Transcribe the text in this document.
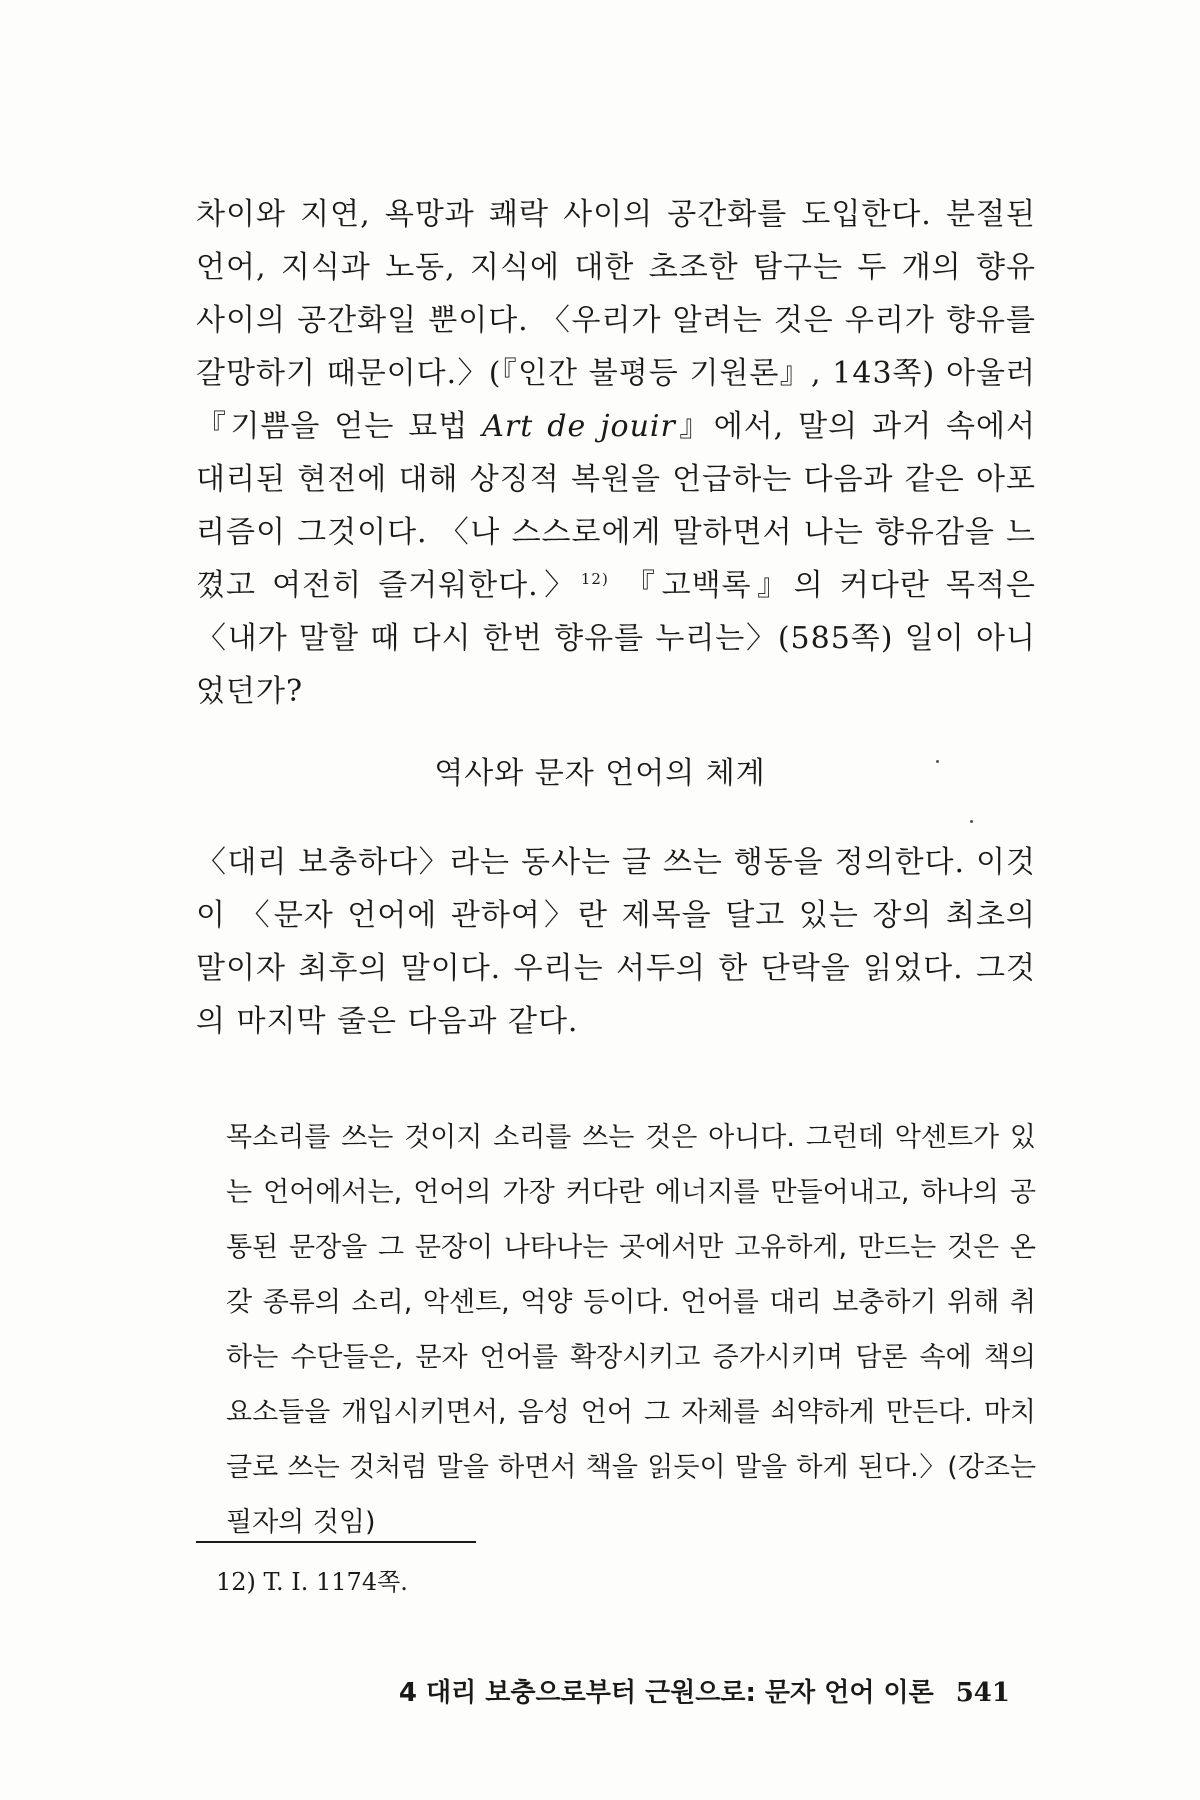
차이와 지연, 욕망과 쾌락 사이의 공간화를 도입한다. 분절된 언어, 지식과 노동, 지식에 대한 초조한 탐구는 두 개의 향유 사이의 공간화일 뿐이다. 〈우리가 알려는 것은 우리가 향유를 갈망하기 때문이다.〉(『인간 불평등 기원론』, 143쪽) 아울러 『기쁨을 얻는 묘법 Art de jouir』에서, 말의 과거 속에서 대리된 현전에 대해 상징적 복원을 언급하는 다음과 같은 아포리즘이 그것이다. 〈나 스스로에게 말하면서 나는 향유감을 느꼈고 여전히 즐거워한다.〉$^{12)}$ 『고백록』의 커다란 목적은 〈내가 말할 때 다시 한번 향유를 누리는〉(585쪽) 일이 아니었던가?

역사와 문자 언어의 체계

〈대리 보충하다〉라는 동사는 글 쓰는 행동을 정의한다. 이것이 〈문자 언어에 관하여〉란 제목을 달고 있는 장의 최초의 말이자 최후의 말이다. 우리는 서두의 한 단락을 읽었다. 그것의 마지막 줄은 다음과 같다.

목소리를 쓰는 것이지 소리를 쓰는 것은 아니다. 그런데 악센트가 있는 언어에서는, 언어의 가장 커다란 에너지를 만들어내고, 하나의 공통된 문장을 그 문장이 나타나는 곳에서만 고유하게, 만드는 것은 온갖 종류의 소리, 악센트, 억양 등이다. 언어를 대리 보충하기 위해 취하는 수단들은, 문자 언어를 확장시키고 증가시키며 담론 속에 책의 요소들을 개입시키면서, 음성 언어 그 자체를 쇠약하게 만든다. 마치 글로 쓰는 것처럼 말을 하면서 책을 읽듯이 말을 하게 된다.〉(강조는 필자의 것임)

12) T. I. 1174쪽.

4 대리 보충으로부터 근원으로: 문자 언어 이론 541
